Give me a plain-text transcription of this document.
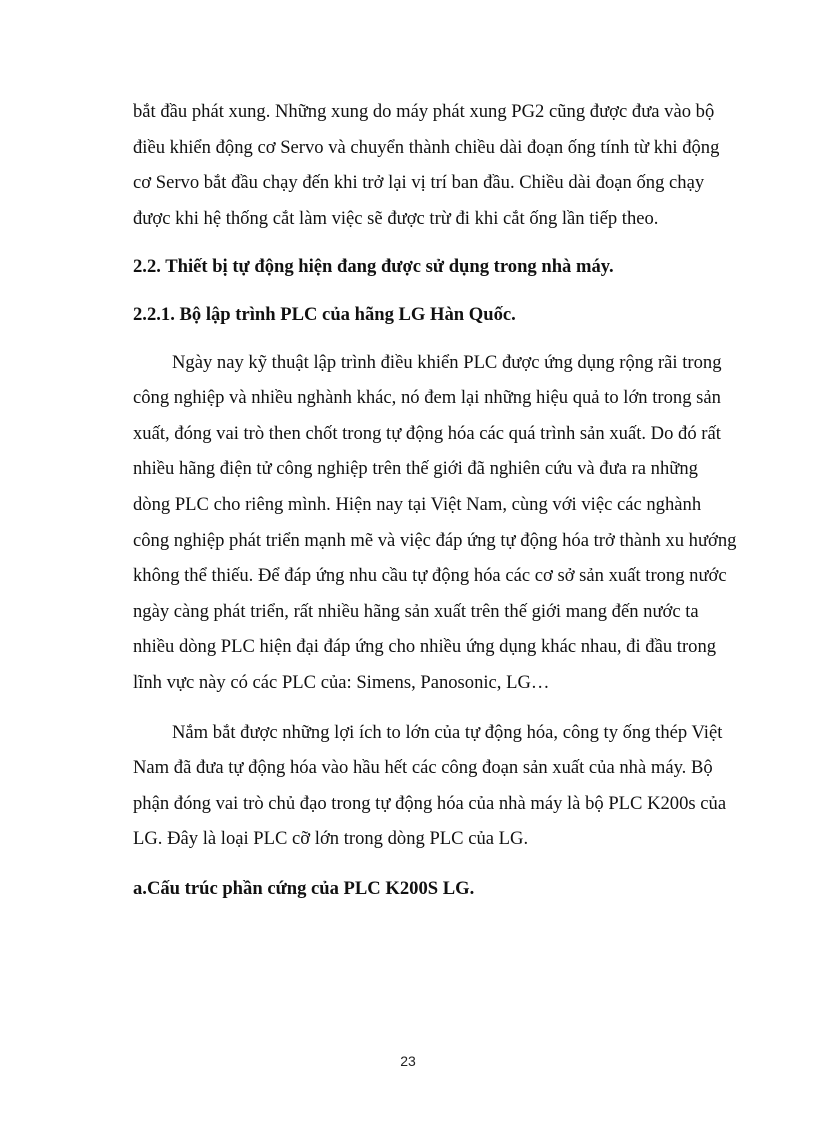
bắt đầu phát xung. Những xung do máy phát xung PG2 cũng được đưa vào bộ
điều khiển động cơ Servo và chuyển thành chiều dài đoạn ống tính từ khi động
cơ Servo bắt đầu chạy đến khi trở lại vị trí ban đầu. Chiều dài đoạn ống chạy
được khi hệ thống cắt làm việc sẽ được trừ đi khi cắt ống lần tiếp theo.

2.2. Thiết bị tự động hiện đang được sử dụng trong nhà máy.
2.2.1. Bộ lập trình PLC của hãng LG Hàn Quốc.

Ngày nay kỹ thuật lập trình điều khiển PLC được ứng dụng rộng rãi trong
công nghiệp và nhiều nghành khác, nó đem lại những hiệu quả to lớn trong sản
xuất, đóng vai trò then chốt trong tự động hóa các quá trình sản xuất. Do đó rất
nhiều hãng điện tử công nghiệp trên thế giới đã nghiên cứu và đưa ra những
dòng PLC cho riêng mình. Hiện nay tại Việt Nam, cùng với việc các nghành
công nghiệp phát triển mạnh mẽ và việc đáp ứng tự động hóa trở thành xu hướng
không thể thiếu. Để đáp ứng nhu cầu tự động hóa các cơ sở sản xuất trong nước
ngày càng phát triển, rất nhiều hãng sản xuất trên thế giới mang đến nước ta
nhiều dòng PLC hiện đại đáp ứng cho nhiều ứng dụng khác nhau, đi đầu trong
lĩnh vực này có các PLC của: Simens, Panosonic, LG…

Nắm bắt được những lợi ích to lớn của tự động hóa, công ty ống thép Việt
Nam đã đưa tự động hóa vào hầu hết các công đoạn sản xuất của nhà máy. Bộ
phận đóng vai trò chủ đạo trong tự động hóa của nhà máy là bộ PLC K200s của
LG. Đây là loại PLC cỡ lớn trong dòng PLC của LG.

a.Cấu trúc phần cứng của PLC K200S LG.
23
